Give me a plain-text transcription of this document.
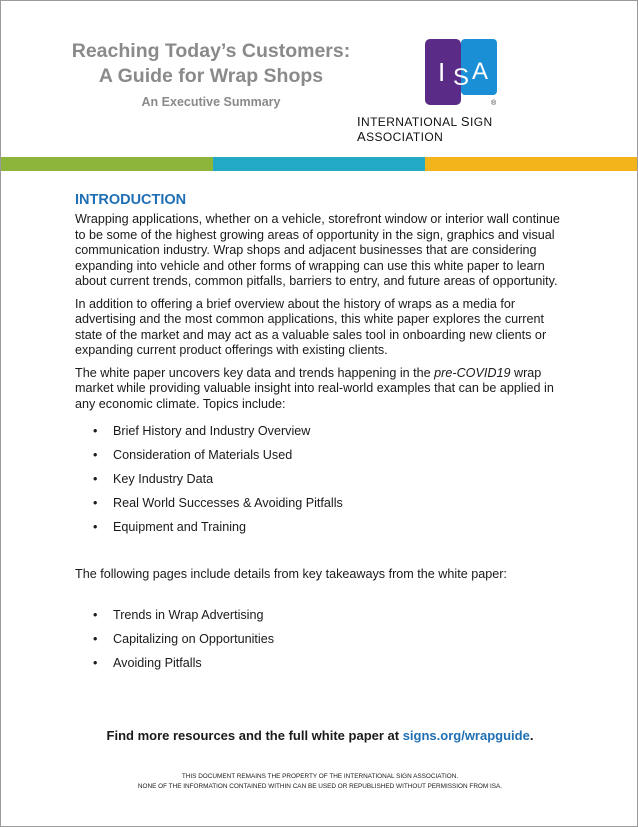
Reaching Today’s Customers:
A Guide for Wrap Shops
An Executive Summary
I S A
®
INTERNATIONAL SIGN ASSOCIATION
INTRODUCTION

Wrapping applications, whether on a vehicle, storefront window or interior wall continue to be some of the highest growing areas of opportunity in the sign, graphics and visual communication industry. Wrap shops and adjacent businesses that are considering expanding into vehicle and other forms of wrapping can use this white paper to learn about current trends, common pitfalls, barriers to entry, and future areas of opportunity.

In addition to offering a brief overview about the history of wraps as a media for advertising and the most common applications, this white paper explores the current state of the market and may act as a valuable sales tool in onboarding new clients or expanding current product offerings with existing clients.

The white paper uncovers key data and trends happening in the pre-COVID19 wrap market while providing valuable insight into real-world examples that can be applied in any economic climate. Topics include:

• Brief History and Industry Overview
• Consideration of Materials Used
• Key Industry Data
• Real World Successes & Avoiding Pitfalls
• Equipment and Training

The following pages include details from key takeaways from the white paper:

• Trends in Wrap Advertising
• Capitalizing on Opportunities
• Avoiding Pitfalls
Find more resources and the full white paper at signs.org/wrapguide.
THIS DOCUMENT REMAINS THE PROPERTY OF THE INTERNATIONAL SIGN ASSOCIATION.
NONE OF THE INFORMATION CONTAINED WITHIN CAN BE USED OR REPUBLISHED WITHOUT PERMISSION FROM ISA.
